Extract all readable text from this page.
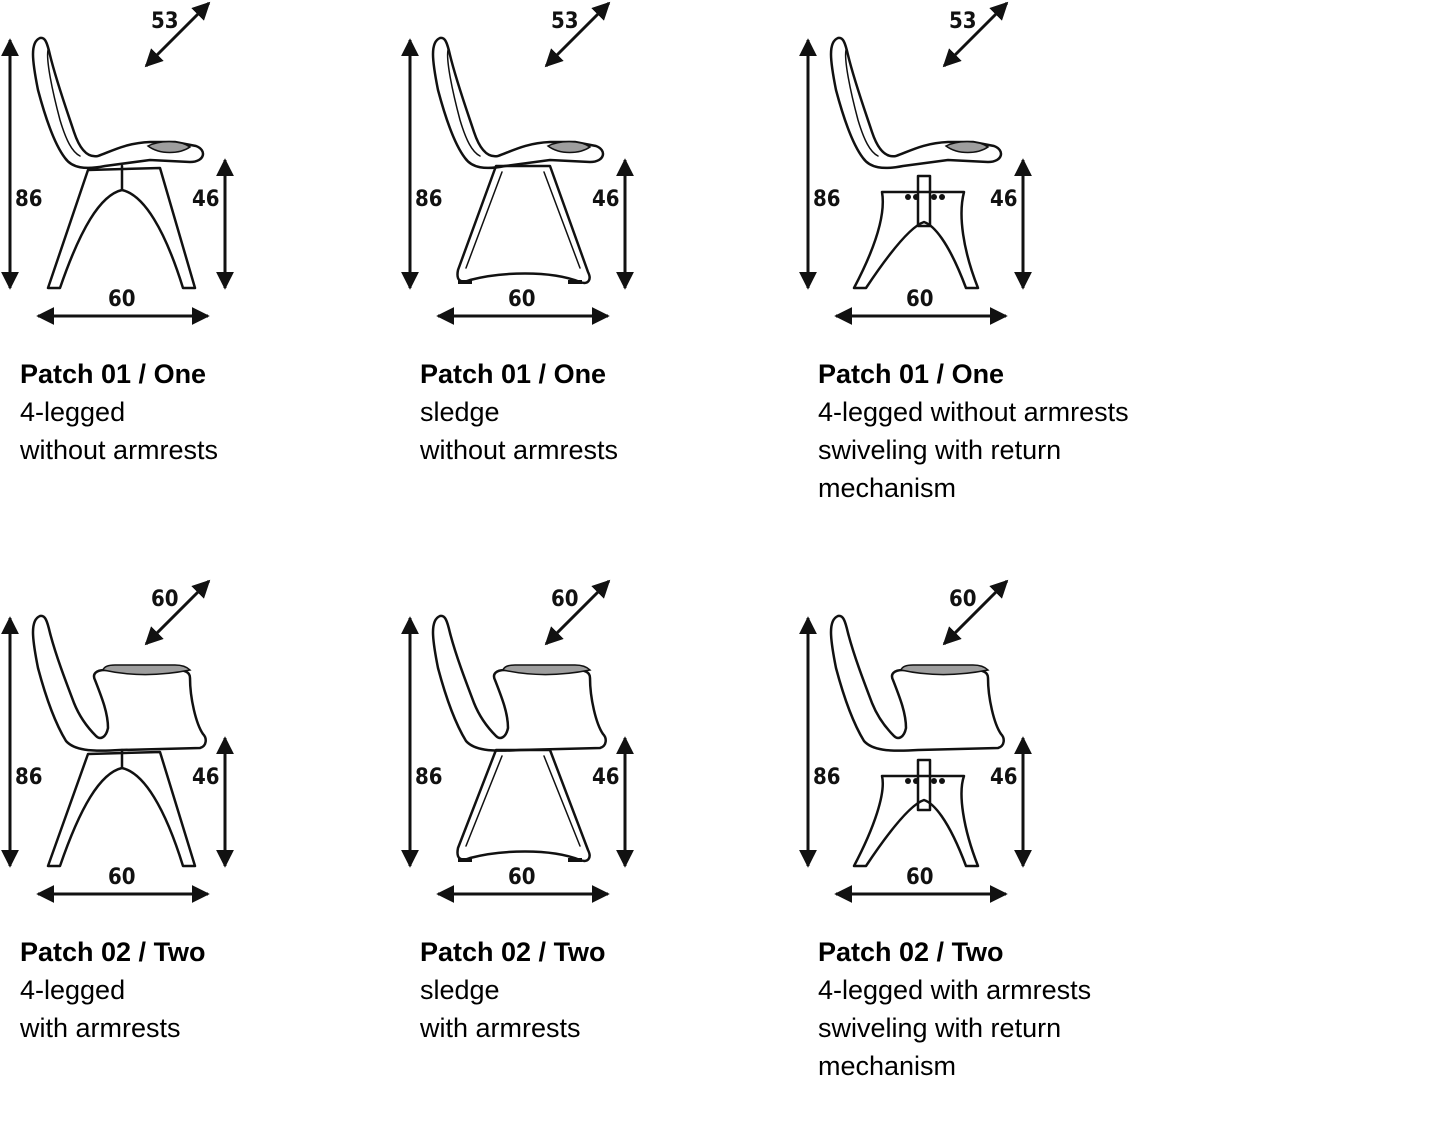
53
86	46
60
Patch 01 / One
4-legged
without armrests
53
86	46
60
Patch 01 / One
sledge
without armrests
53
86	46
60
Patch 01 / One
4-legged without armrests
swiveling with return
mechanism
60
86	46
60
Patch 02 / Two
4-legged
with armrests
60
86	46
60
Patch 02 / Two
sledge
with armrests
60
86	46
60
Patch 02 / Two
4-legged with armrests
swiveling with return
mechanism
